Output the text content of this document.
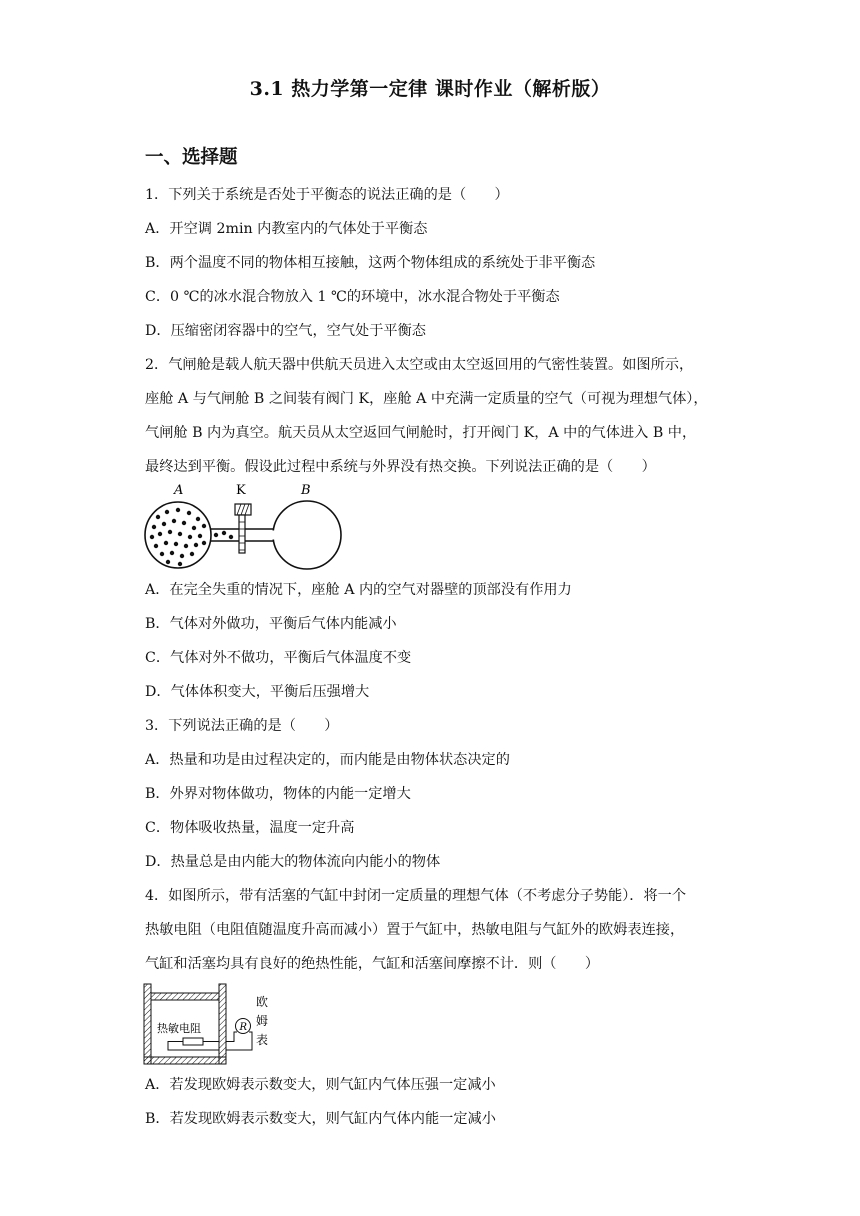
3.1 热力学第一定律 课时作业（解析版）
一、选择题
1．下列关于系统是否处于平衡态的说法正确的是（　　）
A．开空调 2min 内教室内的气体处于平衡态
B．两个温度不同的物体相互接触，这两个物体组成的系统处于非平衡态
C．0 ℃的冰水混合物放入 1 ℃的环境中，冰水混合物处于平衡态
D．压缩密闭容器中的空气，空气处于平衡态
2．气闸舱是载人航天器中供航天员进入太空或由太空返回用的气密性装置。如图所示，
座舱 A 与气闸舱 B 之间装有阀门 K，座舱 A 中充满一定质量的空气（可视为理想气体），
气闸舱 B 内为真空。航天员从太空返回气闸舱时，打开阀门 K，A 中的气体进入 B 中，
最终达到平衡。假设此过程中系统与外界没有热交换。下列说法正确的是（　　）
A	K	B
A．在完全失重的情况下，座舱 A 内的空气对器壁的顶部没有作用力
B．气体对外做功，平衡后气体内能减小
C．气体对外不做功，平衡后气体温度不变
D．气体体积变大，平衡后压强增大
3．下列说法正确的是（　　）
A．热量和功是由过程决定的，而内能是由物体状态决定的
B．外界对物体做功，物体的内能一定增大
C．物体吸收热量，温度一定升高
D．热量总是由内能大的物体流向内能小的物体
4．如图所示，带有活塞的气缸中封闭一定质量的理想气体（不考虑分子势能）．将一个
热敏电阻（电阻值随温度升高而减小）置于气缸中，热敏电阻与气缸外的欧姆表连接，
气缸和活塞均具有良好的绝热性能，气缸和活塞间摩擦不计．则（　　）
热敏电阻	R
欧
姆
表
A．若发现欧姆表示数变大，则气缸内气体压强一定减小
B．若发现欧姆表示数变大，则气缸内气体内能一定减小
